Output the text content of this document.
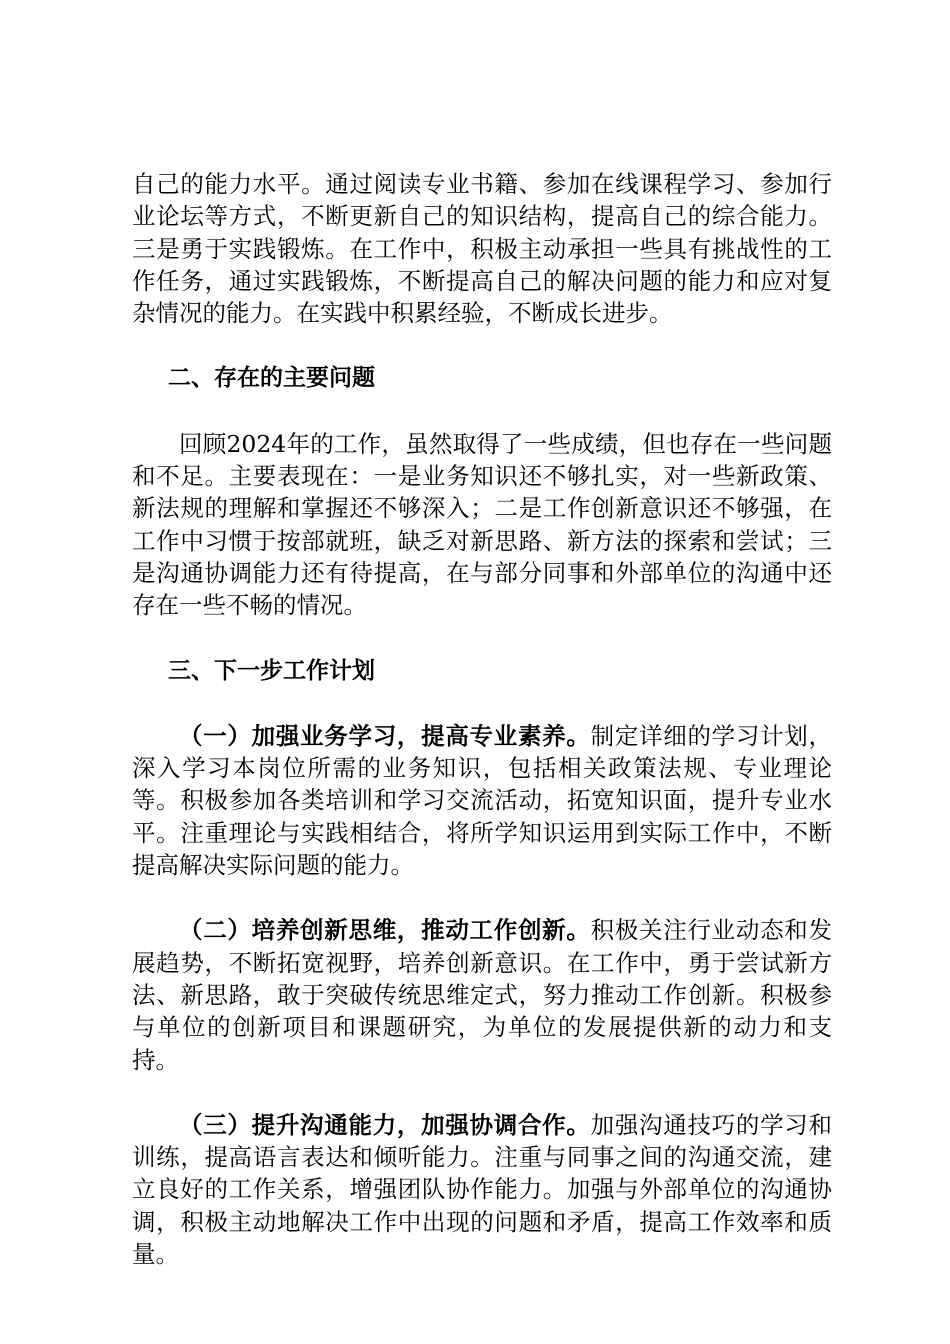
自己的能力水平。通过阅读专业书籍、参加在线课程学习、参加行业论坛等方式，不断更新自己的知识结构，提高自己的综合能力。三是勇于实践锻炼。在工作中，积极主动承担一些具有挑战性的工作任务，通过实践锻炼，不断提高自己的解决问题的能力和应对复杂情况的能力。在实践中积累经验，不断成长进步。

二、存在的主要问题

回顾2024年的工作，虽然取得了一些成绩，但也存在一些问题和不足。主要表现在：一是业务知识还不够扎实，对一些新政策、新法规的理解和掌握还不够深入；二是工作创新意识还不够强，在工作中习惯于按部就班，缺乏对新思路、新方法的探索和尝试；三是沟通协调能力还有待提高，在与部分同事和外部单位的沟通中还存在一些不畅的情况。

三、下一步工作计划

（一）加强业务学习，提高专业素养。制定详细的学习计划，深入学习本岗位所需的业务知识，包括相关政策法规、专业理论等。积极参加各类培训和学习交流活动，拓宽知识面，提升专业水平。注重理论与实践相结合，将所学知识运用到实际工作中，不断提高解决实际问题的能力。

（二）培养创新思维，推动工作创新。积极关注行业动态和发展趋势，不断拓宽视野，培养创新意识。在工作中，勇于尝试新方法、新思路，敢于突破传统思维定式，努力推动工作创新。积极参与单位的创新项目和课题研究，为单位的发展提供新的动力和支持。

（三）提升沟通能力，加强协调合作。加强沟通技巧的学习和训练，提高语言表达和倾听能力。注重与同事之间的沟通交流，建立良好的工作关系，增强团队协作能力。加强与外部单位的沟通协调，积极主动地解决工作中出现的问题和矛盾，提高工作效率和质量。
